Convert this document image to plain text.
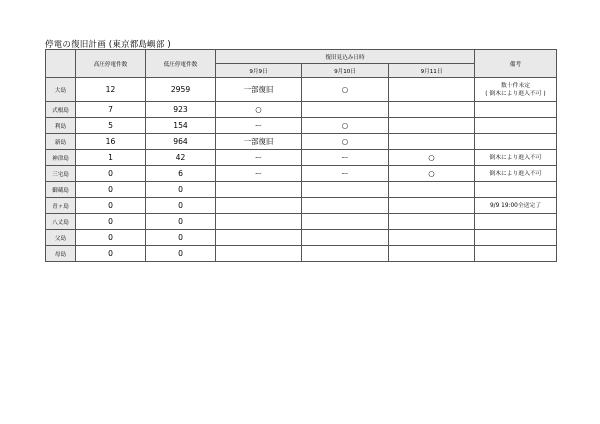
停電の復旧計画 (東京都島嶼部 )
	高圧停電件数	低圧停電件数	復旧見込み日時			備考
			9月9日	9月10日	9月11日	
大島	12	2959	一部復旧	○		数十件未定
( 倒木により進入不可 )

式根島	7	923	○			

利島	5	154	ー	○		

新島	16	964	一部復旧	○		

神津島	1	42	ー	ー	○	倒木により進入不可

三宅島	0	6	ー	ー	○	倒木により進入不可

御蔵島	0	0				

青ヶ島	0	0				9/9 19:00全送完了

八丈島	0	0				

父島	0	0				

母島	0	0				
